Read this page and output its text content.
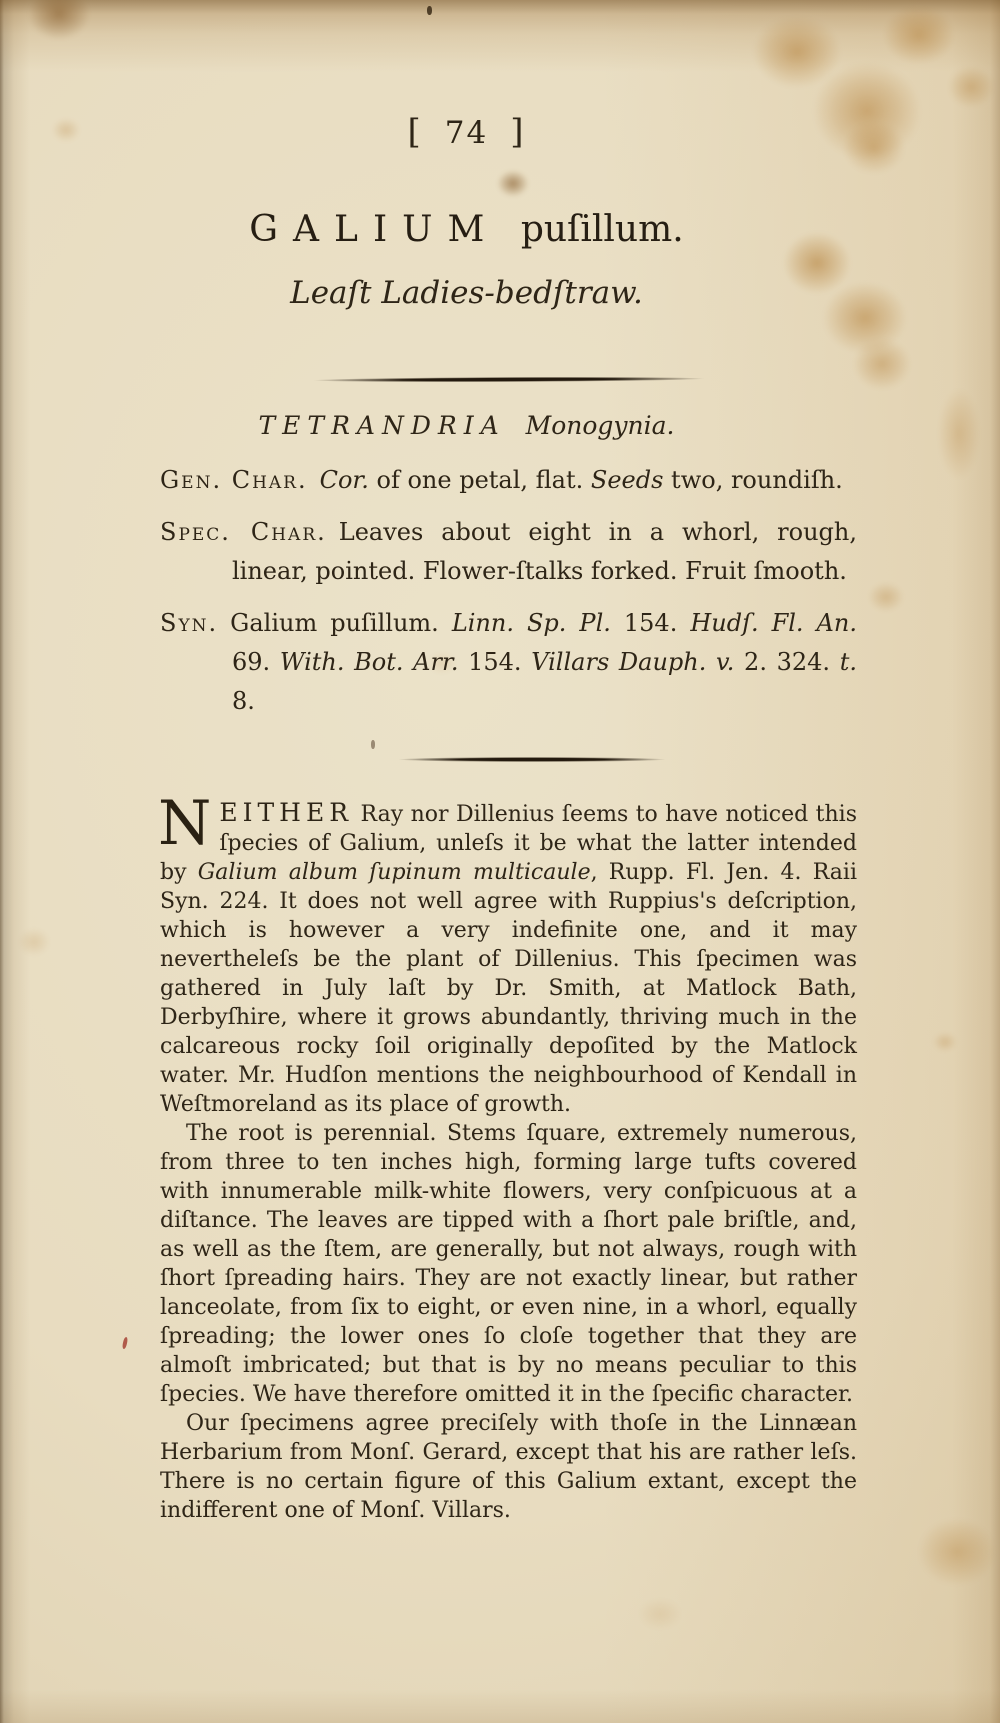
[ 74 ]
GALIUM puſillum.
Leaſt Ladies-bedſtraw.
TETRANDRIA Monogynia.

Gen. Char. Cor. of one petal, flat. Seeds two, roundiſh.

Spec. Char. Leaves about eight in a whorl, rough, linear, pointed. Flower-ſtalks forked. Fruit ſmooth.

Syn. Galium puſillum. Linn. Sp. Pl. 154. Hudſ. Fl. An. 69. With. Bot. Arr. 154. Villars Dauph. v. 2. 324. t. 8.

NEITHER Ray nor Dillenius ſeems to have noticed this ſpecies of Galium, unleſs it be what the latter intended by Galium album ſupinum multicaule, Rupp. Fl. Jen. 4. Raii Syn. 224. It does not well agree with Ruppius's deſcription, which is however a very indefinite one, and it may nevertheleſs be the plant of Dillenius. This ſpecimen was gathered in July laſt by Dr. Smith, at Matlock Bath, Derbyſhire, where it grows abundantly, thriving much in the calcareous rocky ſoil originally depoſited by the Matlock water. Mr. Hudſon mentions the neighbourhood of Kendall in Weſtmoreland as its place of growth.

The root is perennial. Stems ſquare, extremely numerous, from three to ten inches high, forming large tufts covered with innumerable milk-white flowers, very conſpicuous at a diſtance. The leaves are tipped with a ſhort pale briſtle, and, as well as the ſtem, are generally, but not always, rough with ſhort ſpreading hairs. They are not exactly linear, but rather lanceolate, from ſix to eight, or even nine, in a whorl, equally ſpreading; the lower ones ſo cloſe together that they are almoſt imbricated; but that is by no means peculiar to this ſpecies. We have therefore omitted it in the ſpecific character.

Our ſpecimens agree preciſely with thoſe in the Linnæan Herbarium from Monſ. Gerard, except that his are rather leſs. There is no certain figure of this Galium extant, except the indifferent one of Monſ. Villars.
